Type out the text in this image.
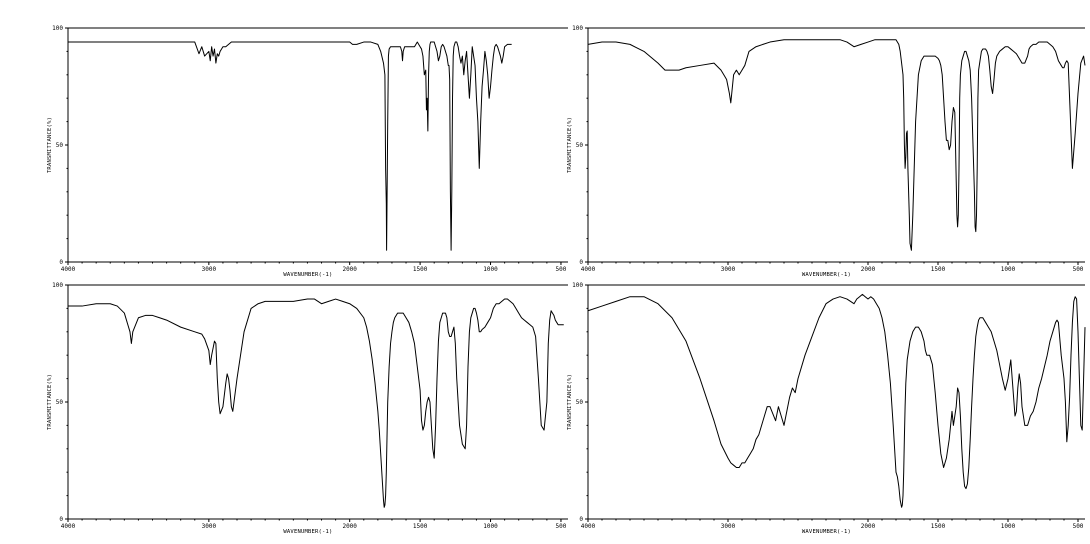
4000	3000	2000	1500	1000	500
0
50
100
WAVENUMBER(-1)
TRANSMITTANCE(%)
4000	3000	2000	1500	1000	500
0
50
100
WAVENUMBER(-1)
TRANSMITTANCE(%)
4000	3000	2000	1500	1000	500
0
50
100
WAVENUMBER(-1)
TRANSMITTANCE(%)
4000	3000	2000	1500	1000	500
0
50
100
WAVENUMBER(-1)
TRANSMITTANCE(%)
